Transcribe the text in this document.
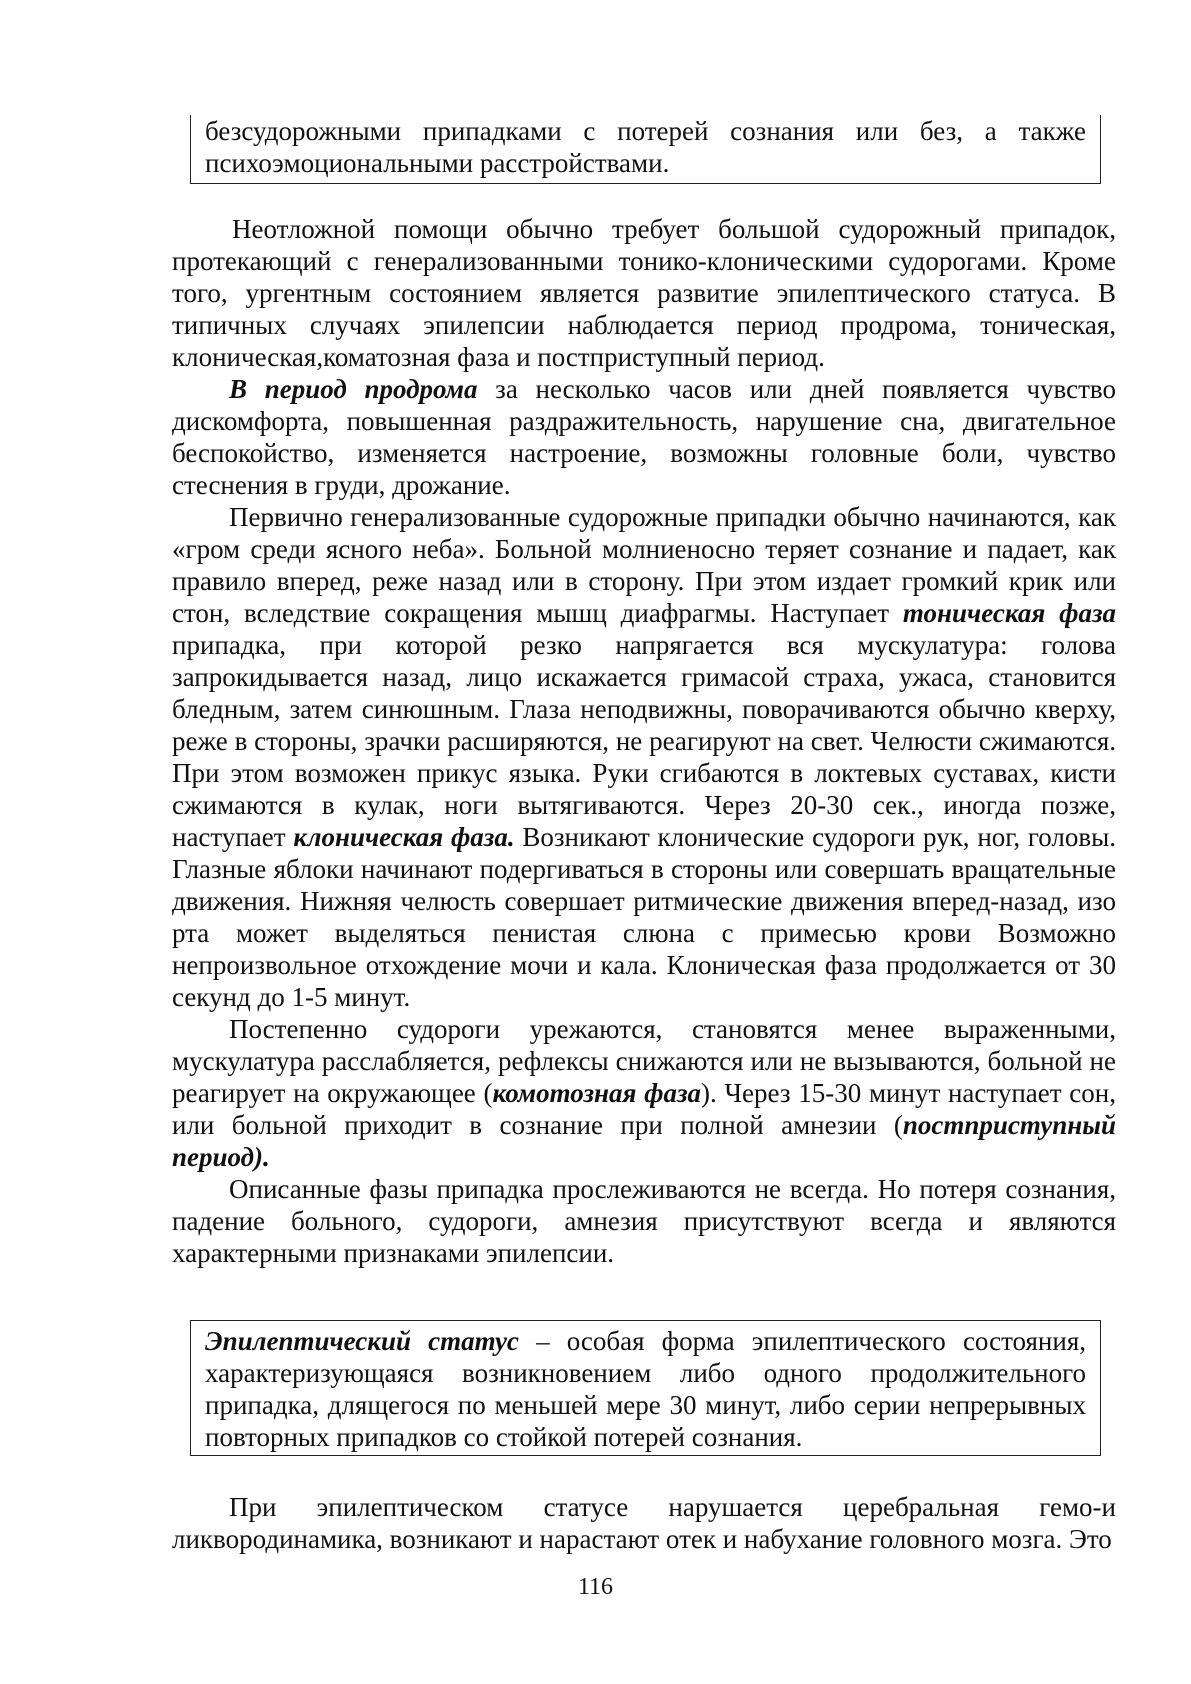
безсудорожными припадками с потерей сознания или без, а также психоэмоциональными расстройствами.

Неотложной помощи обычно требует большой судорожный припадок, протекающий с генерализованными тонико-клоническими судорогами. Кроме того, ургентным состоянием является развитие эпилептического статуса. В типичных случаях эпилепсии наблюдается период продрома, тоническая, клоническая,коматозная фаза и постприступный период.

В период продрома за несколько часов или дней появляется чувство дискомфорта, повышенная раздражительность, нарушение сна, двигательное беспокойство, изменяется настроение, возможны головные боли, чувство стеснения в груди, дрожание.

Первично генерализованные судорожные припадки обычно начинаются, как «гром среди ясного неба». Больной молниеносно теряет сознание и падает, как правило вперед, реже назад или в сторону. При этом издает громкий крик или стон, вследствие сокращения мышц диафрагмы. Наступает тоническая фаза припадка, при которой резко напрягается вся мускулатура: голова запрокидывается назад, лицо искажается гримасой страха, ужаса, становится бледным, затем синюшным. Глаза неподвижны, поворачиваются обычно кверху, реже в стороны, зрачки расширяются, не реагируют на свет. Челюсти сжимаются. При этом возможен прикус языка. Руки сгибаются в локтевых суставах, кисти сжимаются в кулак, ноги вытягиваются. Через 20-30 сек., иногда позже, наступает клоническая фаза. Возникают клонические судороги рук, ног, головы. Глазные яблоки начинают подергиваться в стороны или совершать вращательные движения. Нижняя челюсть совершает ритмические движения вперед-назад, изо рта может выделяться пенистая слюна с примесью крови Возможно непроизвольное отхождение мочи и кала. Клоническая фаза продолжается от 30 секунд до 1-5 минут.

Постепенно судороги урежаются, становятся менее выраженными, мускулатура расслабляется, рефлексы снижаются или не вызываются, больной не реагирует на окружающее (комотозная фаза). Через 15-30 минут наступает сон, или больной приходит в сознание при полной амнезии (постприступный период).

Описанные фазы припадка прослеживаются не всегда. Но потеря сознания, падение больного, судороги, амнезия присутствуют всегда и являются характерными признаками эпилепсии.

Эпилептический статус – особая форма эпилептического состояния, характеризующаяся возникновением либо одного продолжительного припадка, длящегося по меньшей мере 30 минут, либо серии непрерывных повторных припадков со стойкой потерей сознания.

При эпилептическом статусе нарушается церебральная гемо-и ликвородинамика, возникают и нарастают отек и набухание головного мозга. Это

116
